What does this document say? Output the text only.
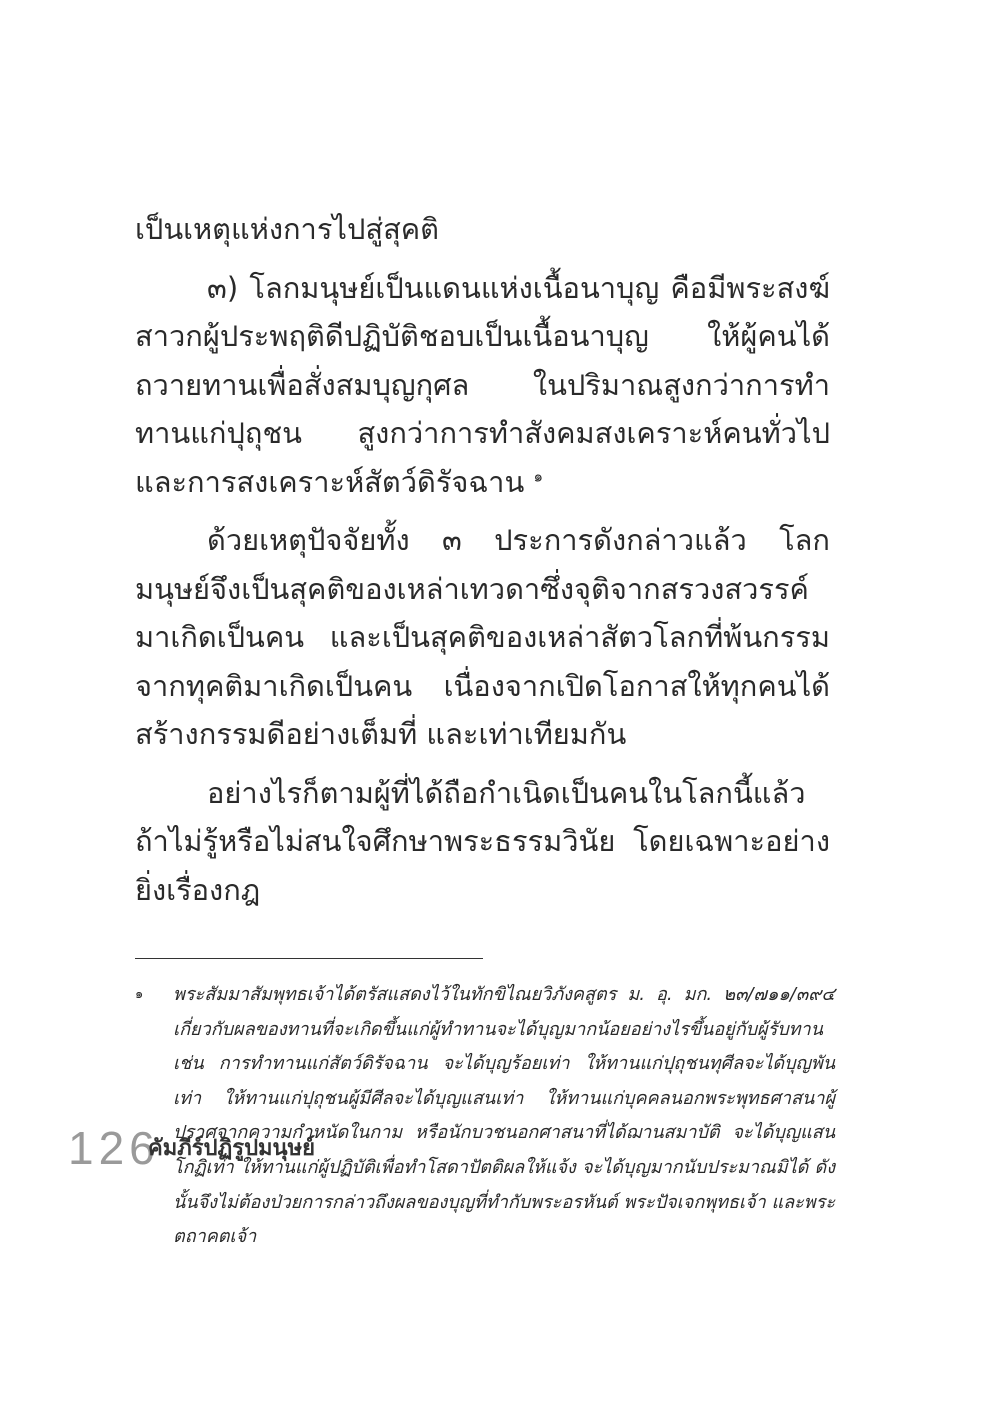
เป็นเหตุแห่งการไปสู่สุคติ

๓) โลกมนุษย์เป็นแดนแห่งเนื้อนาบุญ คือมีพระสงฆ์สาวกผู้ประพฤติดีปฏิบัติชอบเป็นเนื้อนาบุญ ให้ผู้คนได้ถวายทานเพื่อสั่งสมบุญกุศล ในปริมาณสูงกว่าการทำทานแก่ปุถุชน สูงกว่าการทำสังคมสงเคราะห์คนทั่วไป และการสงเคราะห์สัตว์ดิรัจฉาน $^๑$

ด้วยเหตุปัจจัยทั้ง ๓ ประการดังกล่าวแล้ว โลกมนุษย์จึงเป็นสุคติของเหล่าเทวดาซึ่งจุติจากสรวงสวรรค์มาเกิดเป็นคน และเป็นสุคติของเหล่าสัตวโลกที่พ้นกรรมจากทุคติมาเกิดเป็นคน เนื่องจากเปิดโอกาสให้ทุกคนได้สร้างกรรมดีอย่างเต็มที่ และเท่าเทียมกัน

อย่างไรก็ตามผู้ที่ได้ถือกำเนิดเป็นคนในโลกนี้แล้ว ถ้าไม่รู้หรือไม่สนใจศึกษาพระธรรมวินัย โดยเฉพาะอย่างยิ่งเรื่องกฎ

๑ พระสัมมาสัมพุทธเจ้าได้ตรัสแสดงไว้ในทักขิไณยวิภังคสูตร ม. อุ. มก. ๒๓/๗๑๑/๓๙๔ เกี่ยวกับผลของทานที่จะเกิดขึ้นแก่ผู้ทำทานจะได้บุญมากน้อยอย่างไรขึ้นอยู่กับผู้รับทาน เช่น การทำทานแก่สัตว์ดิรัจฉาน จะได้บุญร้อยเท่า ให้ทานแก่ปุถุชนทุศีลจะได้บุญพันเท่า ให้ทานแก่ปุถุชนผู้มีศีลจะได้บุญแสนเท่า ให้ทานแก่บุคคลนอกพระพุทธศาสนาผู้ปราศจากความกำหนัดในกาม หรือนักบวชนอกศาสนาที่ได้ฌานสมาบัติ จะได้บุญแสนโกฏิเท่า ให้ทานแก่ผู้ปฏิบัติเพื่อทำโสดาปัตติผลให้แจ้ง จะได้บุญมากนับประมาณมิได้ ดังนั้นจึงไม่ต้องป่วยการกล่าวถึงผลของบุญที่ทำกับพระอรหันต์ พระปัจเจกพุทธเจ้า และพระตถาคตเจ้า
126
คัมภีร์ปฏิรูปมนุษย์
